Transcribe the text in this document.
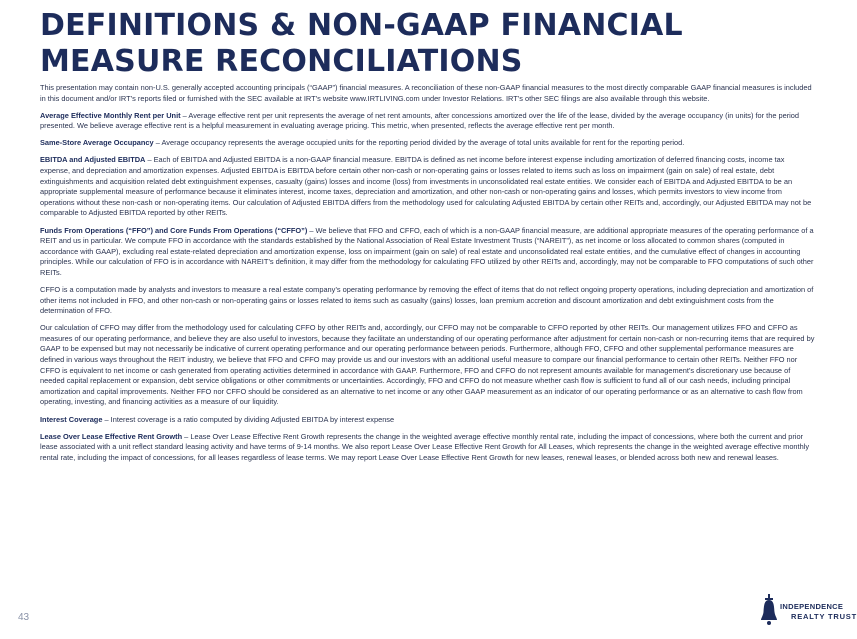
DEFINITIONS & NON-GAAP FINANCIAL MEASURE RECONCILIATIONS

This presentation may contain non-U.S. generally accepted accounting principals (“GAAP”) financial measures. A reconciliation of these non-GAAP financial measures to the most directly comparable GAAP financial measures is included in this document and/or IRT’s reports filed or furnished with the SEC available at IRT’s website www.IRTLIVING.com under Investor Relations. IRT’s other SEC filings are also available through this website.

Average Effective Monthly Rent per Unit – Average effective rent per unit represents the average of net rent amounts, after concessions amortized over the life of the lease, divided by the average occupancy (in units) for the period presented. We believe average effective rent is a helpful measurement in evaluating average pricing. This metric, when presented, reflects the average effective rent per month.

Same-Store Average Occupancy – Average occupancy represents the average occupied units for the reporting period divided by the average of total units available for rent for the reporting period.

EBITDA and Adjusted EBITDA – Each of EBITDA and Adjusted EBITDA is a non-GAAP financial measure. EBITDA is defined as net income before interest expense including amortization of deferred financing costs, income tax expense, and depreciation and amortization expenses. Adjusted EBITDA is EBITDA before certain other non-cash or non-operating gains or losses related to items such as loss on impairment (gain on sale) of real estate, debt extinguishments and acquisition related debt extinguishment expenses, casualty (gains) losses and income (loss) from investments in unconsolidated real estate entities. We consider each of EBITDA and Adjusted EBITDA to be an appropriate supplemental measure of performance because it eliminates interest, income taxes, depreciation and amortization, and other non-cash or non-operating gains and losses, which permits investors to view income from operations without these non-cash or non-operating items. Our calculation of Adjusted EBITDA differs from the methodology used for calculating Adjusted EBITDA by certain other REITs and, accordingly, our Adjusted EBITDA may not be comparable to Adjusted EBITDA reported by other REITs.

Funds From Operations (“FFO”) and Core Funds From Operations (“CFFO”) – We believe that FFO and CFFO, each of which is a non-GAAP financial measure, are additional appropriate measures of the operating performance of a REIT and us in particular. We compute FFO in accordance with the standards established by the National Association of Real Estate Investment Trusts (“NAREIT”), as net income or loss allocated to common shares (computed in accordance with GAAP), excluding real estate-related depreciation and amortization expense, loss on impairment (gain on sale) of real estate and unconsolidated real estate entities, and the cumulative effect of changes in accounting principles. While our calculation of FFO is in accordance with NAREIT’s definition, it may differ from the methodology for calculating FFO utilized by other REITs and, accordingly, may not be comparable to FFO computations of such other REITs.

CFFO is a computation made by analysts and investors to measure a real estate company’s operating performance by removing the effect of items that do not reflect ongoing property operations, including depreciation and amortization of other items not included in FFO, and other non-cash or non-operating gains or losses related to items such as casualty (gains) losses, loan premium accretion and discount amortization and debt extinguishment costs from the determination of FFO.

Our calculation of CFFO may differ from the methodology used for calculating CFFO by other REITs and, accordingly, our CFFO may not be comparable to CFFO reported by other REITs. Our management utilizes FFO and CFFO as measures of our operating performance, and believe they are also useful to investors, because they facilitate an understanding of our operating performance after adjustment for certain non-cash or non-recurring items that are required by GAAP to be expensed but may not necessarily be indicative of current operating performance and our operating performance between periods. Furthermore, although FFO, CFFO and other supplemental performance measures are defined in various ways throughout the REIT industry, we believe that FFO and CFFO may provide us and our investors with an additional useful measure to compare our financial performance to certain other REITs. Neither FFO nor CFFO is equivalent to net income or cash generated from operating activities determined in accordance with GAAP. Furthermore, FFO and CFFO do not represent amounts available for management’s discretionary use because of needed capital replacement or expansion, debt service obligations or other commitments or uncertainties. Accordingly, FFO and CFFO do not measure whether cash flow is sufficient to fund all of our cash needs, including principal amortization and capital improvements. Neither FFO nor CFFO should be considered as an alternative to net income or any other GAAP measurement as an indicator of our operating performance or as an alternative to cash flow from operating, investing, and financing activities as a measure of our liquidity.

Interest Coverage – Interest coverage is a ratio computed by dividing Adjusted EBITDA by interest expense

Lease Over Lease Effective Rent Growth – Lease Over Lease Effective Rent Growth represents the change in the weighted average effective monthly rental rate, including the impact of concessions, where both the current and prior lease associated with a unit reflect standard leasing activity and have terms of 9-14 months. We also report Lease Over Lease Effective Rent Growth for All Leases, which represents the change in the weighted average effective monthly rental rate, including the impact of concessions, for all leases regardless of lease terms. We may report Lease Over Lease Effective Rent Growth for new leases, renewal leases, or blended across both new and renewal leases.

43
INDEPENDENCE
REALTY TRUST
